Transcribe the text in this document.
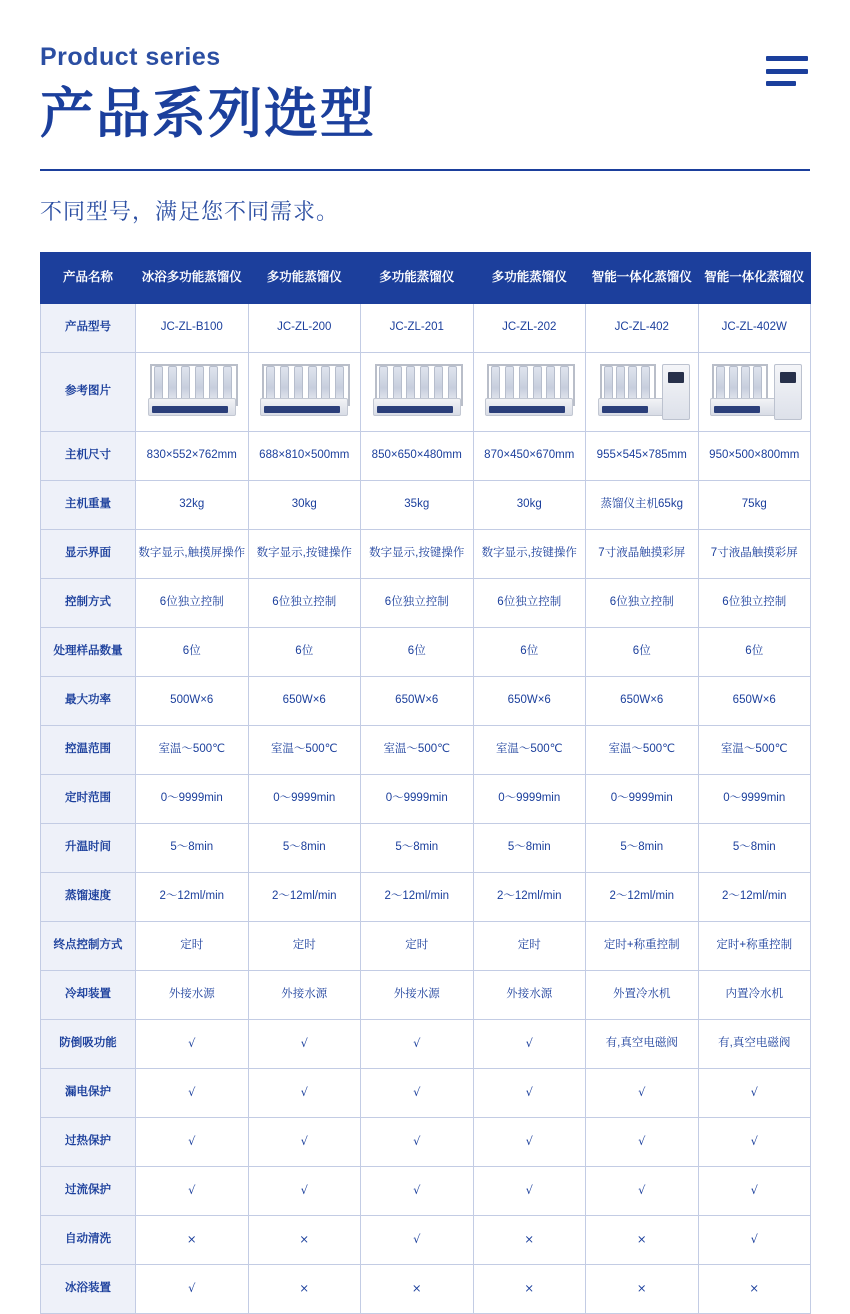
Product series
产品系列选型
不同型号，满足您不同需求。
产品名称	冰浴多功能蒸馏仪	多功能蒸馏仪	多功能蒸馏仪	多功能蒸馏仪	智能一体化蒸馏仪	智能一体化蒸馏仪
产品型号	JC-ZL-B100	JC-ZL-200	JC-ZL-201	JC-ZL-202	JC-ZL-402	JC-ZL-402W
参考图片	

主机尺寸	830×552×762mm	688×810×500mm	850×650×480mm	870×450×670mm	955×545×785mm	950×500×800mm
主机重量	32kg	30kg	35kg	30kg	蒸馏仪主机65kg	75kg
显示界面	数字显示,触摸屏操作	数字显示,按键操作	数字显示,按键操作	数字显示,按键操作	7寸液晶触摸彩屏	7寸液晶触摸彩屏
控制方式	6位独立控制	6位独立控制	6位独立控制	6位独立控制	6位独立控制	6位独立控制
处理样品数量	6位	6位	6位	6位	6位	6位
最大功率	500W×6	650W×6	650W×6	650W×6	650W×6	650W×6
控温范围	室温～500℃	室温～500℃	室温～500℃	室温～500℃	室温～500℃	室温～500℃
定时范围	0～9999min	0～9999min	0～9999min	0～9999min	0～9999min	0～9999min
升温时间	5～8min	5～8min	5～8min	5～8min	5～8min	5～8min
蒸馏速度	2～12ml/min	2～12ml/min	2～12ml/min	2～12ml/min	2～12ml/min	2～12ml/min
终点控制方式	定时	定时	定时	定时	定时+称重控制	定时+称重控制
冷却装置	外接水源	外接水源	外接水源	外接水源	外置冷水机	内置冷水机
防倒吸功能	√	√	√	√	有,真空电磁阀	有,真空电磁阀
漏电保护	√	√	√	√	√	√
过热保护	√	√	√	√	√	√
过流保护	√	√	√	√	√	√
自动清洗	×	×	√	×	×	√
冰浴装置	√	×	×	×	×	×
